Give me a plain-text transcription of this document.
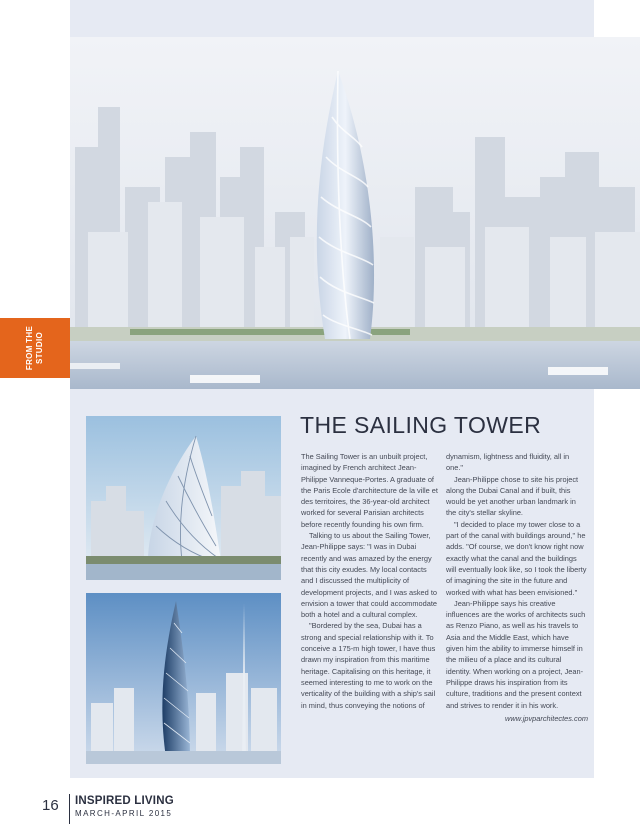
FROM THE STUDIO
THE SAILING TOWER

The Sailing Tower is an unbuilt project, imagined by French architect Jean-Philippe Vanneque-Portes. A graduate of the Paris Ecole d'architecture de la ville et des territoires, the 36-year-old architect worked for several Parisian architects before recently founding his own firm.

Talking to us about the Sailing Tower, Jean-Philippe says: "I was in Dubai recently and was amazed by the energy that this city exudes. My local contacts and I discussed the multiplicity of development projects, and I was asked to envision a tower that could accommodate both a hotel and a cultural complex.

"Bordered by the sea, Dubai has a strong and special relationship with it. To conceive a 175-m high tower, I have thus drawn my inspiration from this maritime heritage. Capitalising on this heritage, it seemed interesting to me to work on the verticality of the building with a ship's sail in mind, thus conveying the notions of

dynamism, lightness and fluidity, all in one."

Jean-Philippe chose to site his project along the Dubai Canal and if built, this would be yet another urban landmark in the city's stellar skyline.

"I decided to place my tower close to a part of the canal with buildings around," he adds. "Of course, we don't know right now exactly what the canal and the buildings will eventually look like, so I took the liberty of imagining the site in the future and worked with what has been envisioned."

Jean-Philippe says his creative influences are the works of architects such as Renzo Piano, as well as his travels to Asia and the Middle East, which have given him the ability to immerse himself in the milieu of a place and its cultural identity. When working on a project, Jean-Philippe draws his inspiration from its culture, traditions and the present context and strives to render it in his work.

www.jpvparchitectes.com

16 INSPIRED LIVING
MARCH-APRIL 2015
